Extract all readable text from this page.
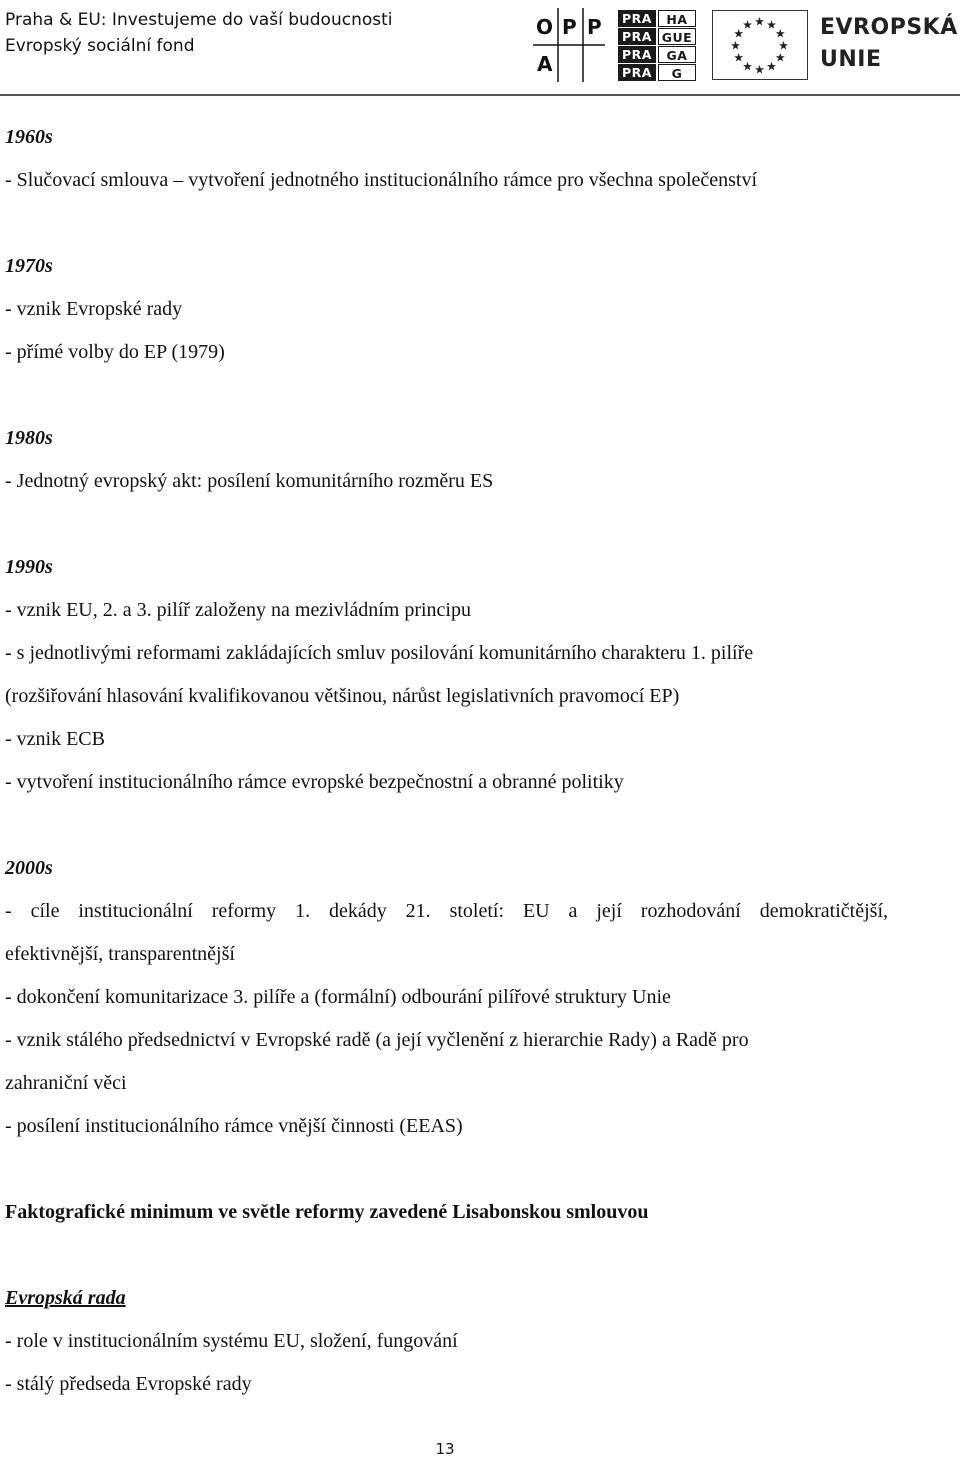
Praha & EU: Investujeme do vaší budoucnosti
Evropský sociální fond
O P P
A
PRA	HA
PRA GUE
PRA	GA
PRA	G
EVROPSKÁ
UNIE
1960s
- Slučovací smlouva – vytvoření jednotného institucionálního rámce pro všechna společenství
1970s
- vznik Evropské rady
- přímé volby do EP (1979)
1980s
- Jednotný evropský akt: posílení komunitárního rozměru ES
1990s
- vznik EU, 2. a 3. pilíř založeny na mezivládním principu
- s jednotlivými reformami zakládajících smluv posilování komunitárního charakteru 1. pilíře
(rozšiřování hlasování kvalifikovanou většinou, nárůst legislativních pravomocí EP)
- vznik ECB
- vytvoření institucionálního rámce evropské bezpečnostní a obranné politiky
2000s
- cíle institucionální reformy 1. dekády 21. století: EU a její rozhodování demokratičtější,
efektivnější, transparentnější
- dokončení komunitarizace 3. pilíře a (formální) odbourání pilířové struktury Unie
- vznik stálého předsednictví v Evropské radě (a její vyčlenění z hierarchie Rady) a Radě pro
zahraniční věci
- posílení institucionálního rámce vnější činnosti (EEAS)
Faktografické minimum ve světle reformy zavedené Lisabonskou smlouvou
Evropská rada
- role v institucionálním systému EU, složení, fungování
- stálý předseda Evropské rady
13
